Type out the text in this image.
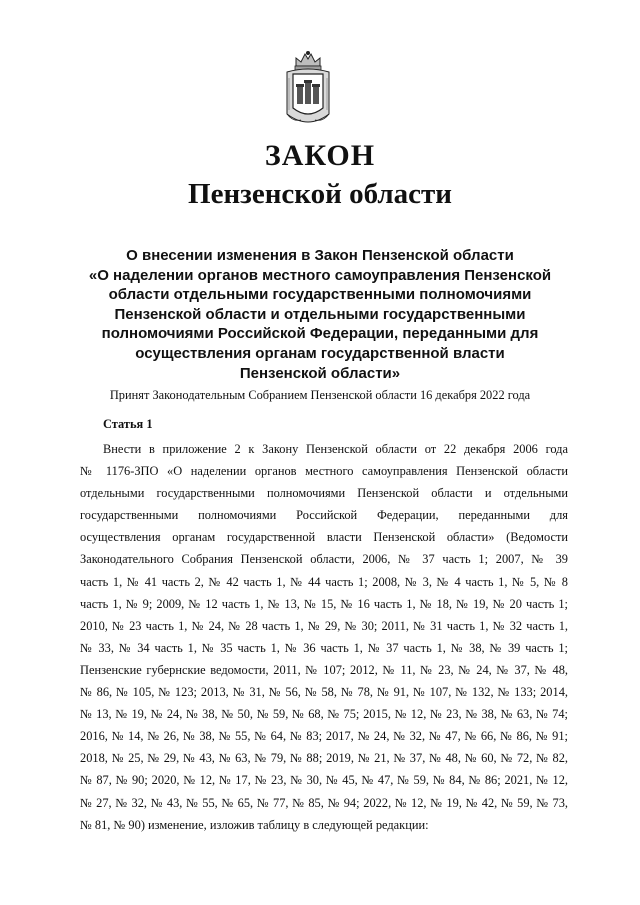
ЗАКОН
Пензенской области
О внесении изменения в Закон Пензенской области
«О наделении органов местного самоуправления Пензенской
области отдельными государственными полномочиями
Пензенской области и отдельными государственными
полномочиями Российской Федерации, переданными для
осуществления органам государственной власти
Пензенской области»
Принят Законодательным Собранием Пензенской области 16 декабря 2022 года
Статья 1
Внести в приложение 2 к Закону Пензенской области от 22 декабря 2006 года
№ 1176-ЗПО «О наделении органов местного самоуправления Пензенской области
отдельными государственными полномочиями Пензенской области и отдельными
государственными полномочиями Российской Федерации, переданными для
осуществления органам государственной власти Пензенской области» (Ведомости
Законодательного Собрания Пензенской области, 2006, № 37 часть 1; 2007, № 39
часть 1, № 41 часть 2, № 42 часть 1, № 44 часть 1; 2008, № 3, № 4 часть 1, № 5, № 8
часть 1, № 9; 2009, № 12 часть 1, № 13, № 15, № 16 часть 1, № 18, № 19, № 20 часть 1;
2010, № 23 часть 1, № 24, № 28 часть 1, № 29, № 30; 2011, № 31 часть 1, № 32 часть 1,
№ 33, № 34 часть 1, № 35 часть 1, № 36 часть 1, № 37 часть 1, № 38, № 39 часть 1;
Пензенские губернские ведомости, 2011, № 107; 2012, № 11, № 23, № 24, № 37, № 48,
№ 86, № 105, № 123; 2013, № 31, № 56, № 58, № 78, № 91, № 107, № 132, № 133; 2014,
№ 13, № 19, № 24, № 38, № 50, № 59, № 68, № 75; 2015, № 12, № 23, № 38, № 63, № 74;
2016, № 14, № 26, № 38, № 55, № 64, № 83; 2017, № 24, № 32, № 47, № 66, № 86, № 91;
2018, № 25, № 29, № 43, № 63, № 79, № 88; 2019, № 21, № 37, № 48, № 60, № 72, № 82,
№ 87, № 90; 2020, № 12, № 17, № 23, № 30, № 45, № 47, № 59, № 84, № 86; 2021, № 12,
№ 27, № 32, № 43, № 55, № 65, № 77, № 85, № 94; 2022, № 12, № 19, № 42, № 59, № 73,
№ 81, № 90) изменение, изложив таблицу в следующей редакции:
